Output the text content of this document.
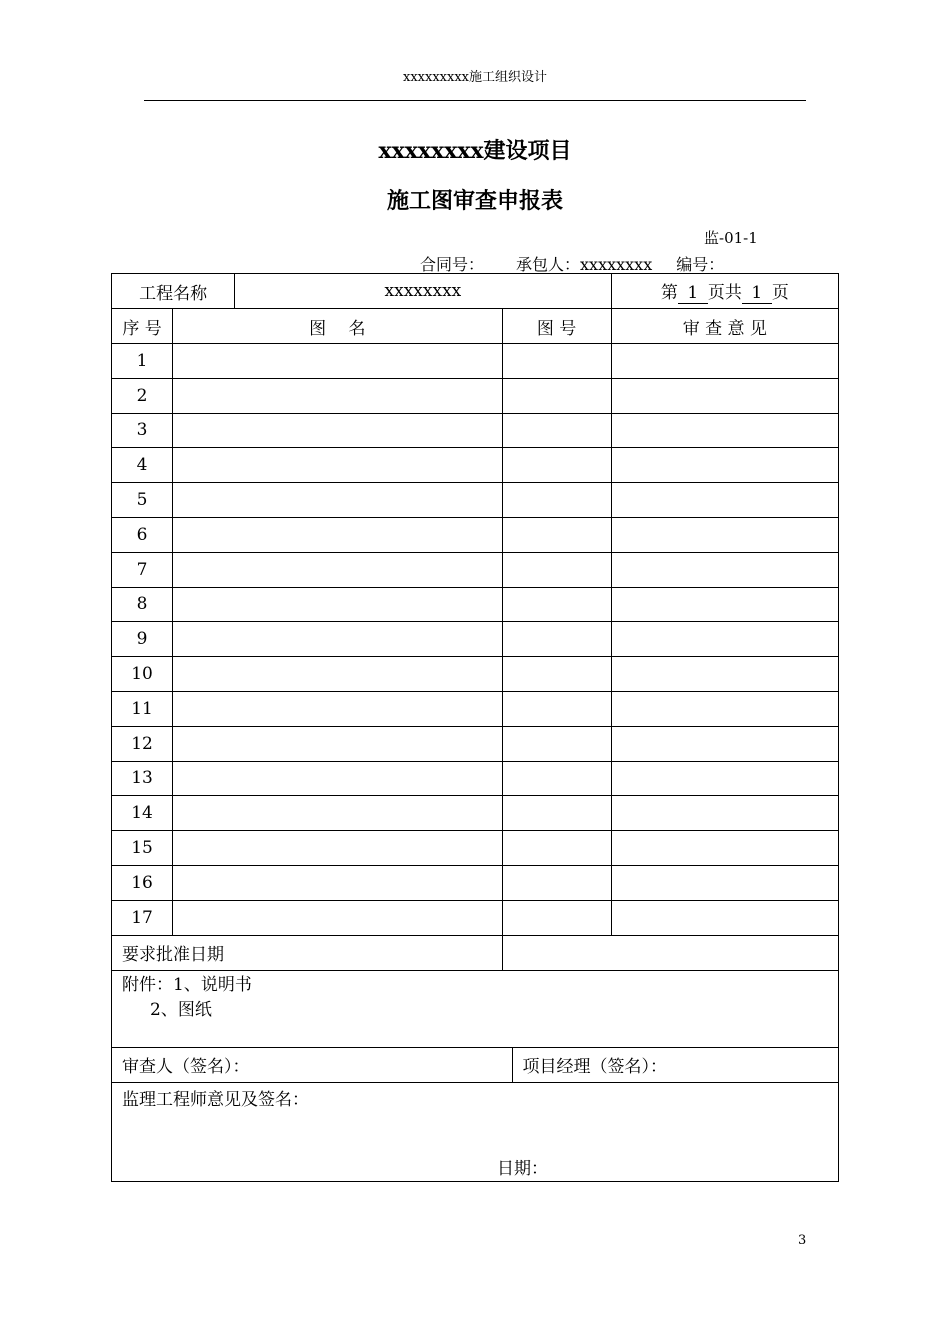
xxxxxxxxx施工组织设计
xxxxxxxx建设项目
施工图审查申报表
监-01-1
合同号： 承包人：xxxxxxxx 编号：
工程名称		xxxxxxxx			第 1 页共 1 页
序 号	图　 名		图 号		审 查 意 见
1					
2					
3					
4					
5					
6					
7					
8					
9					
10					
11					
12					
13					
14					
15					
16					
17					
要求批准日期					

附件：1、说明书
2、图纸					

审查人（签名）：				项目经理（签名）：	

监理工程师意见及签名：
日期：					
3
